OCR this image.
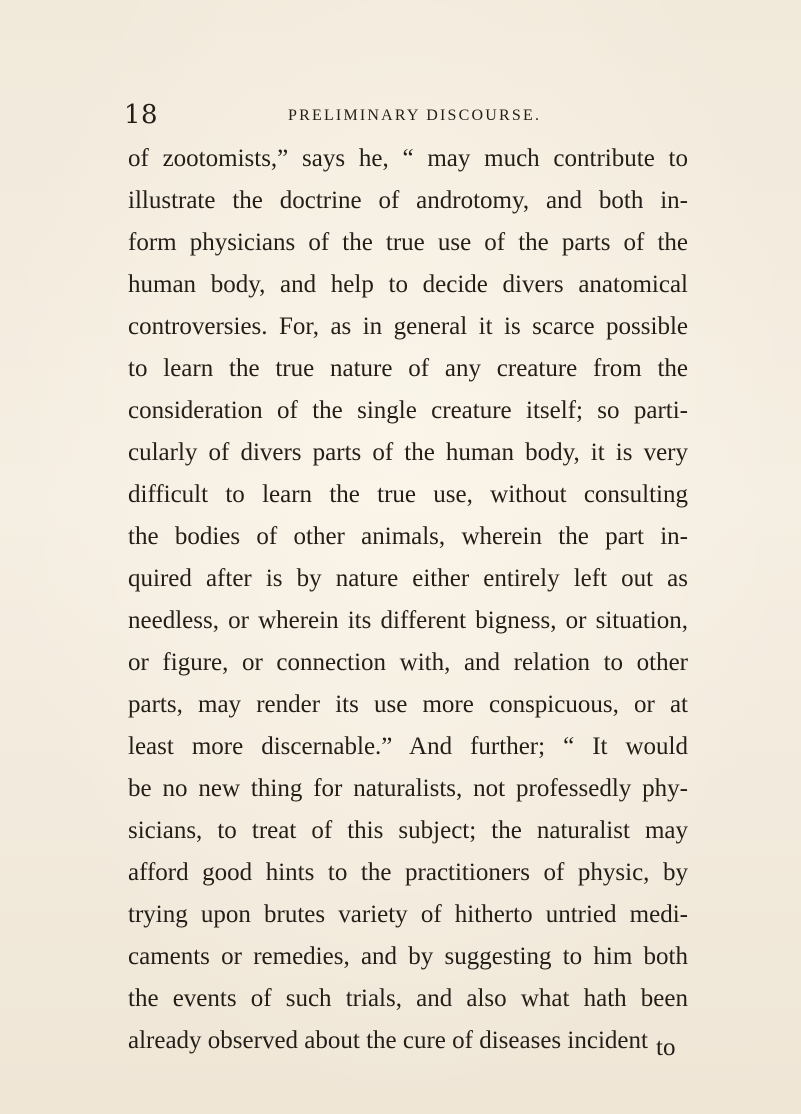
18	PRELIMINARY DISCOURSE.
of zootomists,” says he, “ may much contribute to
illustrate the doctrine of androtomy, and both in-
form physicians of the true use of the parts of the
human body, and help to decide divers anatomical
controversies. For, as in general it is scarce possible
to learn the true nature of any creature from the
consideration of the single creature itself; so parti-
cularly of divers parts of the human body, it is very
difficult to learn the true use, without consulting
the bodies of other animals, wherein the part in-
quired after is by nature either entirely left out as
needless, or wherein its different bigness, or situation,
or figure, or connection with, and relation to other
parts, may render its use more conspicuous, or at
least more discernable.” And further; “ It would
be no new thing for naturalists, not professedly phy-
sicians, to treat of this subject; the naturalist may
afford good hints to the practitioners of physic, by
trying upon brutes variety of hitherto untried medi-
caments or remedies, and by suggesting to him both
the events of such trials, and also what hath been
already observed about the cure of diseases incident to
